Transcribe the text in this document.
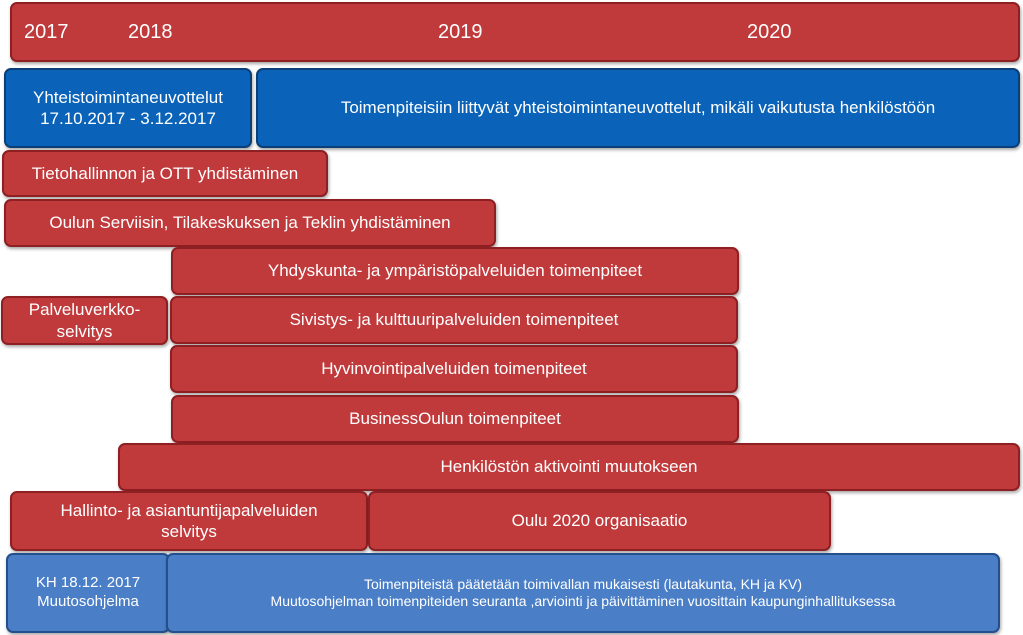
2017	2018	2019	2020
Yhteistoimintaneuvottelut
17.10.2017 - 3.12.2017
Toimenpiteisiin liittyvät yhteistoimintaneuvottelut, mikäli vaikutusta henkilöstöön
Tietohallinnon ja OTT yhdistäminen
Oulun Serviisin, Tilakeskuksen ja Teklin yhdistäminen
Yhdyskunta- ja ympäristöpalveluiden toimenpiteet
Palveluverkko-
selvitys
Sivistys- ja kulttuuripalveluiden toimenpiteet
Hyvinvointipalveluiden toimenpiteet
BusinessOulun toimenpiteet
Henkilöstön aktivointi muutokseen
Hallinto- ja asiantuntijapalveluiden
selvitys
Oulu 2020 organisaatio
KH 18.12. 2017
Muutosohjelma
Toimenpiteistä päätetään toimivallan mukaisesti (lautakunta, KH ja KV)
Muutosohjelman toimenpiteiden seuranta ,arviointi ja päivittäminen vuosittain kaupunginhallituksessa
